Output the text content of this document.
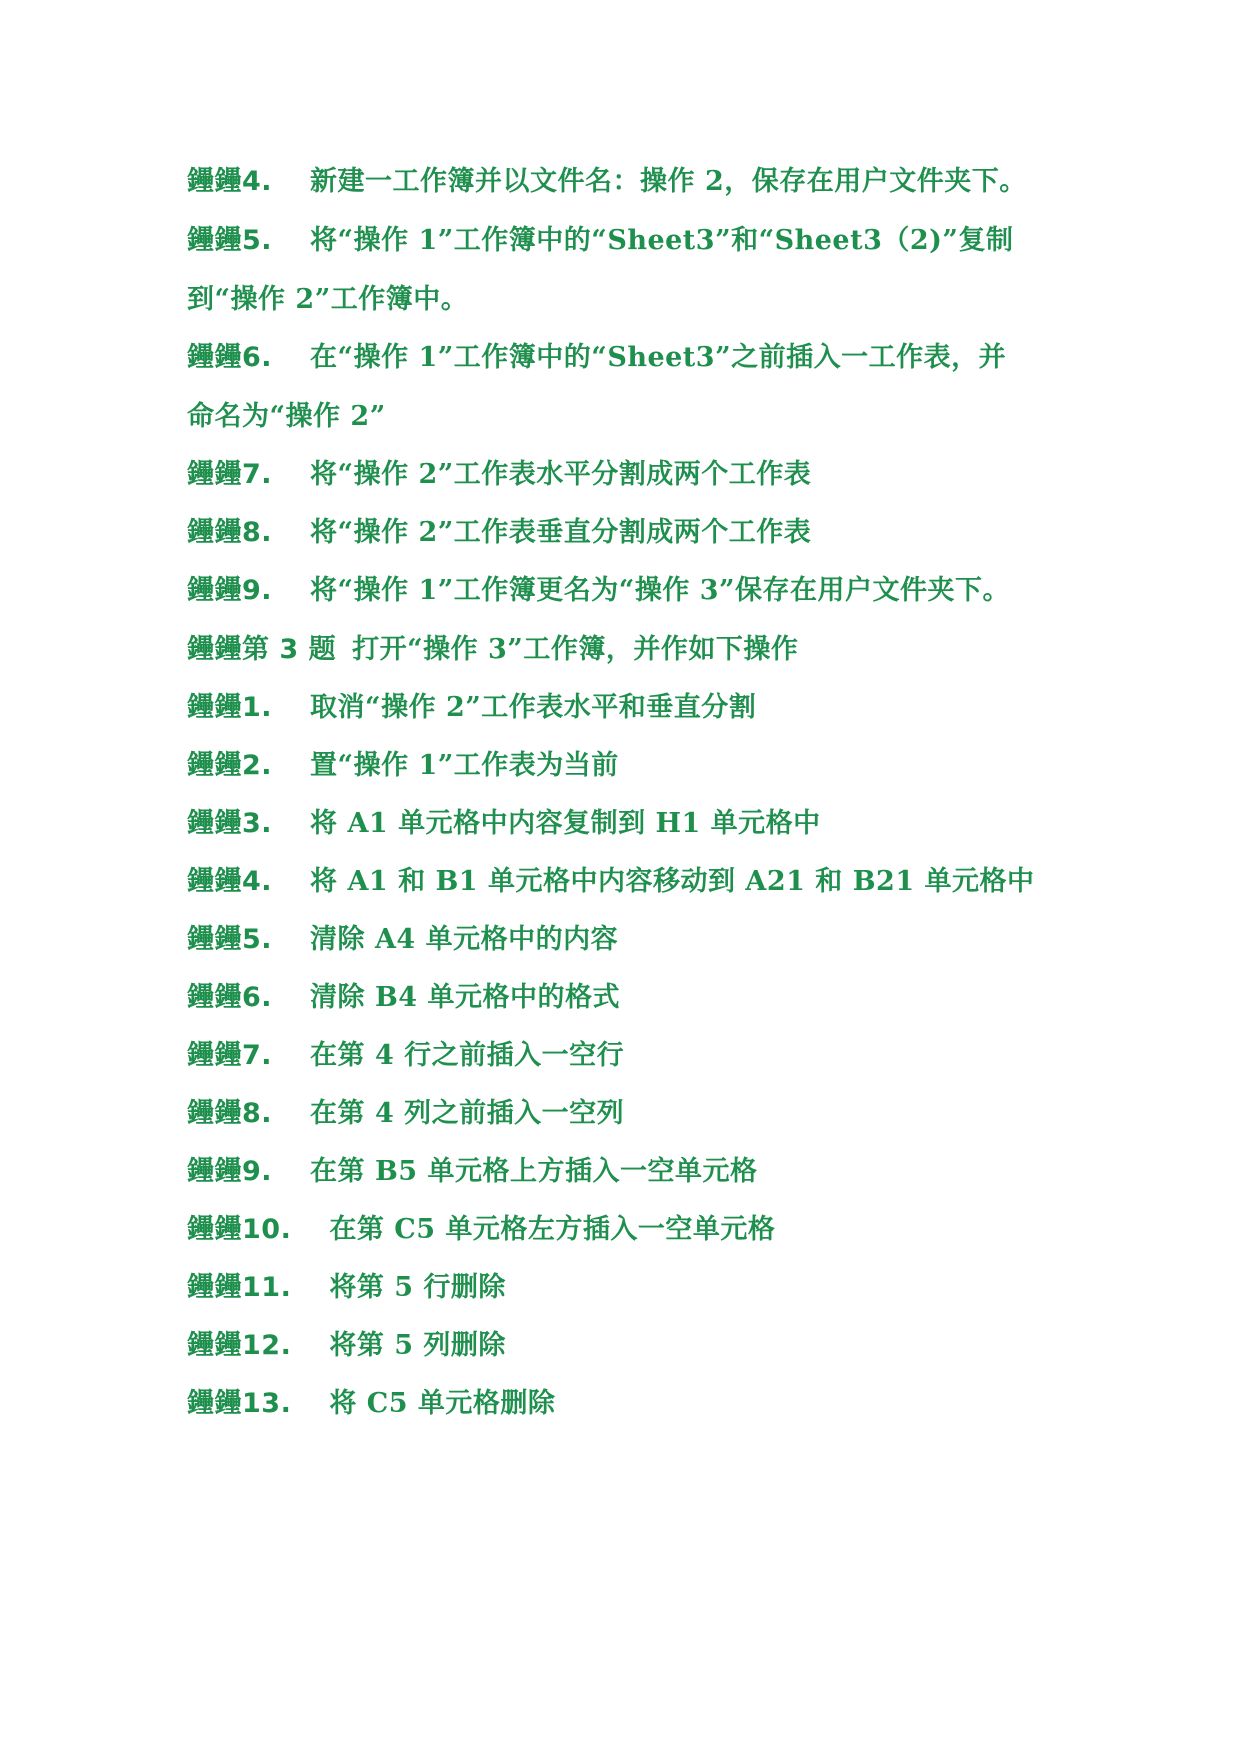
鑸鑸4. 新建一工作簿并以文件名：操作 2，保存在用户文件夹下。
鑸鑸5. 将“操作 1”工作簿中的“Sheet3”和“Sheet3（2)”复制
到“操作 2”工作簿中。
鑸鑸6. 在“操作 1”工作簿中的“Sheet3”之前插入一工作表，并
命名为“操作 2”
鑸鑸7. 将“操作 2”工作表水平分割成两个工作表
鑸鑸8. 将“操作 2”工作表垂直分割成两个工作表
鑸鑸9. 将“操作 1”工作簿更名为“操作 3”保存在用户文件夹下。
鑸鑸第 3 题 打开“操作 3”工作簿，并作如下操作
鑸鑸1. 取消“操作 2”工作表水平和垂直分割
鑸鑸2. 置“操作 1”工作表为当前
鑸鑸3. 将 A1 单元格中内容复制到 H1 单元格中
鑸鑸4. 将 A1 和 B1 单元格中内容移动到 A21 和 B21 单元格中
鑸鑸5. 清除 A4 单元格中的内容
鑸鑸6. 清除 B4 单元格中的格式
鑸鑸7. 在第 4 行之前插入一空行
鑸鑸8. 在第 4 列之前插入一空列
鑸鑸9. 在第 B5 单元格上方插入一空单元格
鑸鑸10. 在第 C5 单元格左方插入一空单元格
鑸鑸11. 将第 5 行删除
鑸鑸12. 将第 5 列删除
鑸鑸13. 将 C5 单元格删除
